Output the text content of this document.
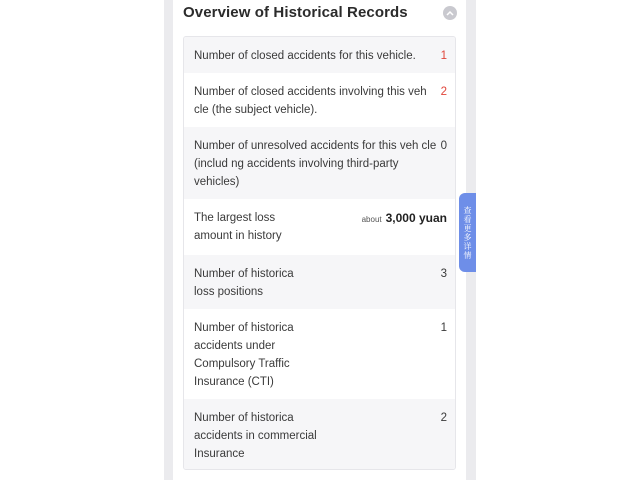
Overview of Historical Records
Number of closed accidents for this vehicle.	1
Number of closed accidents involving this veh cle (the subject vehicle).
2
Number of unresolved accidents for this veh cle (includ ng accidents involving third-party vehicles)
0
The largest loss amount in history
about 3,000 yuan
Number of historica loss positions
3
Number of historica accidents under Compulsory Traffic Insurance (CTI)
1
Number of historica accidents in commercial Insurance
2
查看更多详情
